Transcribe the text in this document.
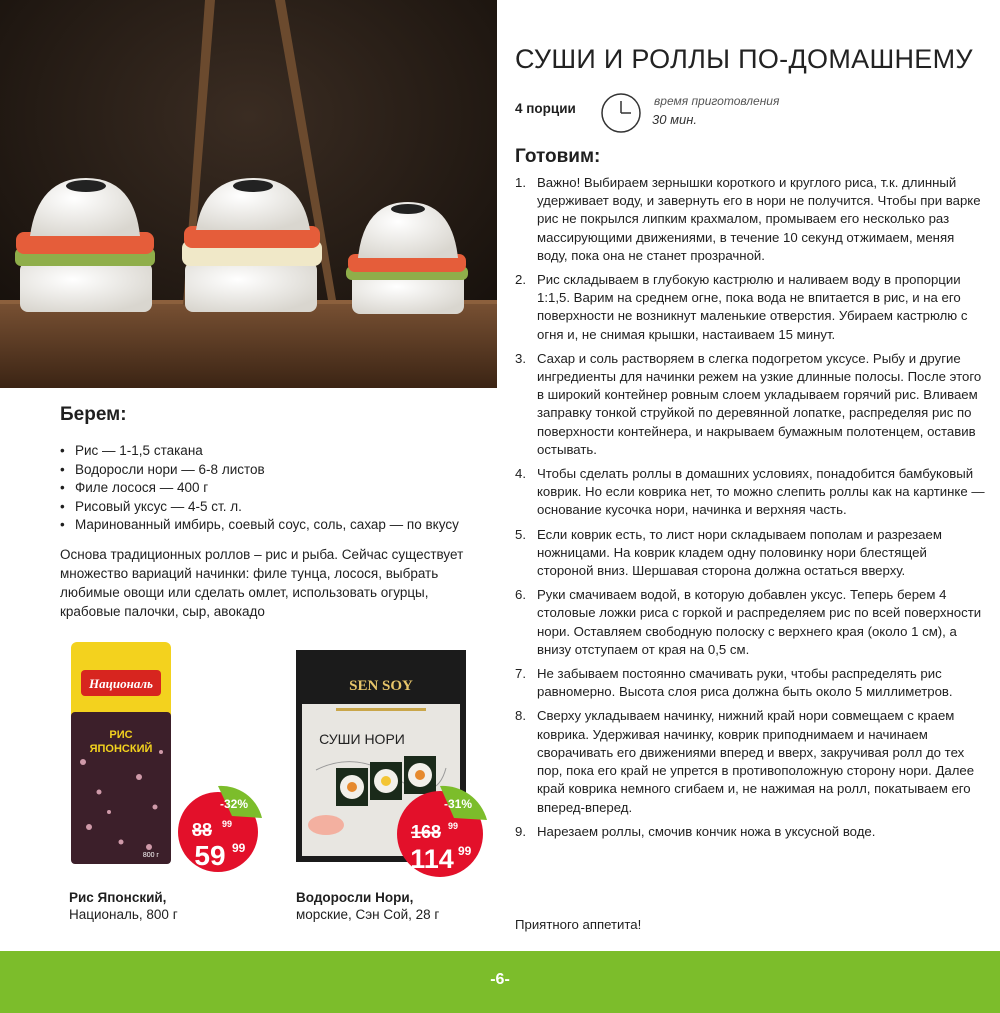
СУШИ И РОЛЛЫ ПО-ДОМАШНЕМУ
4 порции	время приготовления
30 мин.
Готовим:
1. Важно! Выбираем зернышки короткого и круглого риса, т.к. длинный удерживает воду, и завернуть его в нори не получится. Чтобы при варке рис не покрылся липким крахмалом, промываем его несколько раз массирующими движениями, в течение 10 секунд отжимаем, меняя воду, пока она не станет прозрачной.
2. Рис складываем в глубокую кастрюлю и наливаем воду в пропорции 1:1,5. Варим на среднем огне, пока вода не впитается в рис, и на его поверхности не возникнут маленькие отверстия. Убираем кастрюлю с огня и, не снимая крышки, настаиваем 15 минут.
3. Сахар и соль растворяем в слегка подогретом уксусе. Рыбу и другие ингредиенты для начинки режем на узкие длинные полосы. После этого в широкий контейнер ровным слоем укладываем горячий рис. Вливаем заправку тонкой струйкой по деревянной лопатке, распределяя рис по поверхности контейнера, и накрываем бумажным полотенцем, оставив остывать.
4. Чтобы сделать роллы в домашних условиях, понадобится бамбуковый коврик. Но если коврика нет, то можно слепить роллы как на картинке — основание кусочка нори, начинка и верхняя часть.
5. Если коврик есть, то лист нори складываем пополам и разрезаем ножницами. На коврик кладем одну половинку нори блестящей стороной вниз. Шершавая сторона должна остаться вверху.
6. Руки смачиваем водой, в которую добавлен уксус. Теперь берем 4 столовые ложки риса с горкой и распределяем рис по всей поверхности нори. Оставляем свободную полоску с верхнего края (около 1 см), а внизу отступаем от края на 0,5 см.
7. Не забываем постоянно смачивать руки, чтобы распределять рис равномерно. Высота слоя риса должна быть около 5 миллиметров.
8. Сверху укладываем начинку, нижний край нори совмещаем с краем коврика. Удерживая начинку, коврик приподнимаем и начинаем сворачивать его движениями вперед и вверх, закручивая ролл до тех пор, пока его край не упрется в противоположную сторону нори. Далее край коврика немного сгибаем и, не нажимая на ролл, покатываем его вперед-вперед.
9. Нарезаем роллы, смочив кончик ножа в уксусной воде.
Приятного аппетита!
Берем:
• Рис — 1-1,5 стакана
• Водоросли нори — 6-8 листов
• Филе лосося — 400 г
• Рисовый уксус — 4-5 ст. л.
• Маринованный имбирь, соевый соус, соль, сахар — по вкусу
Основа традиционных роллов – рис и рыба. Сейчас существует множество вариаций начинки: филе тунца, лосося, выбрать любимые овощи или сделать омлет, использовать огурцы, крабовые палочки, сыр, авокадо
Националь
РИС
ЯПОНСКИЙ
800 г
-32%
88 99
59 99
Рис Японский,
Националь, 800 г
SEN SOY
СУШИ НОРИ
-31%
168 99
114 99
Водоросли Нори,
морские, Сэн Сой, 28 г
-6-
